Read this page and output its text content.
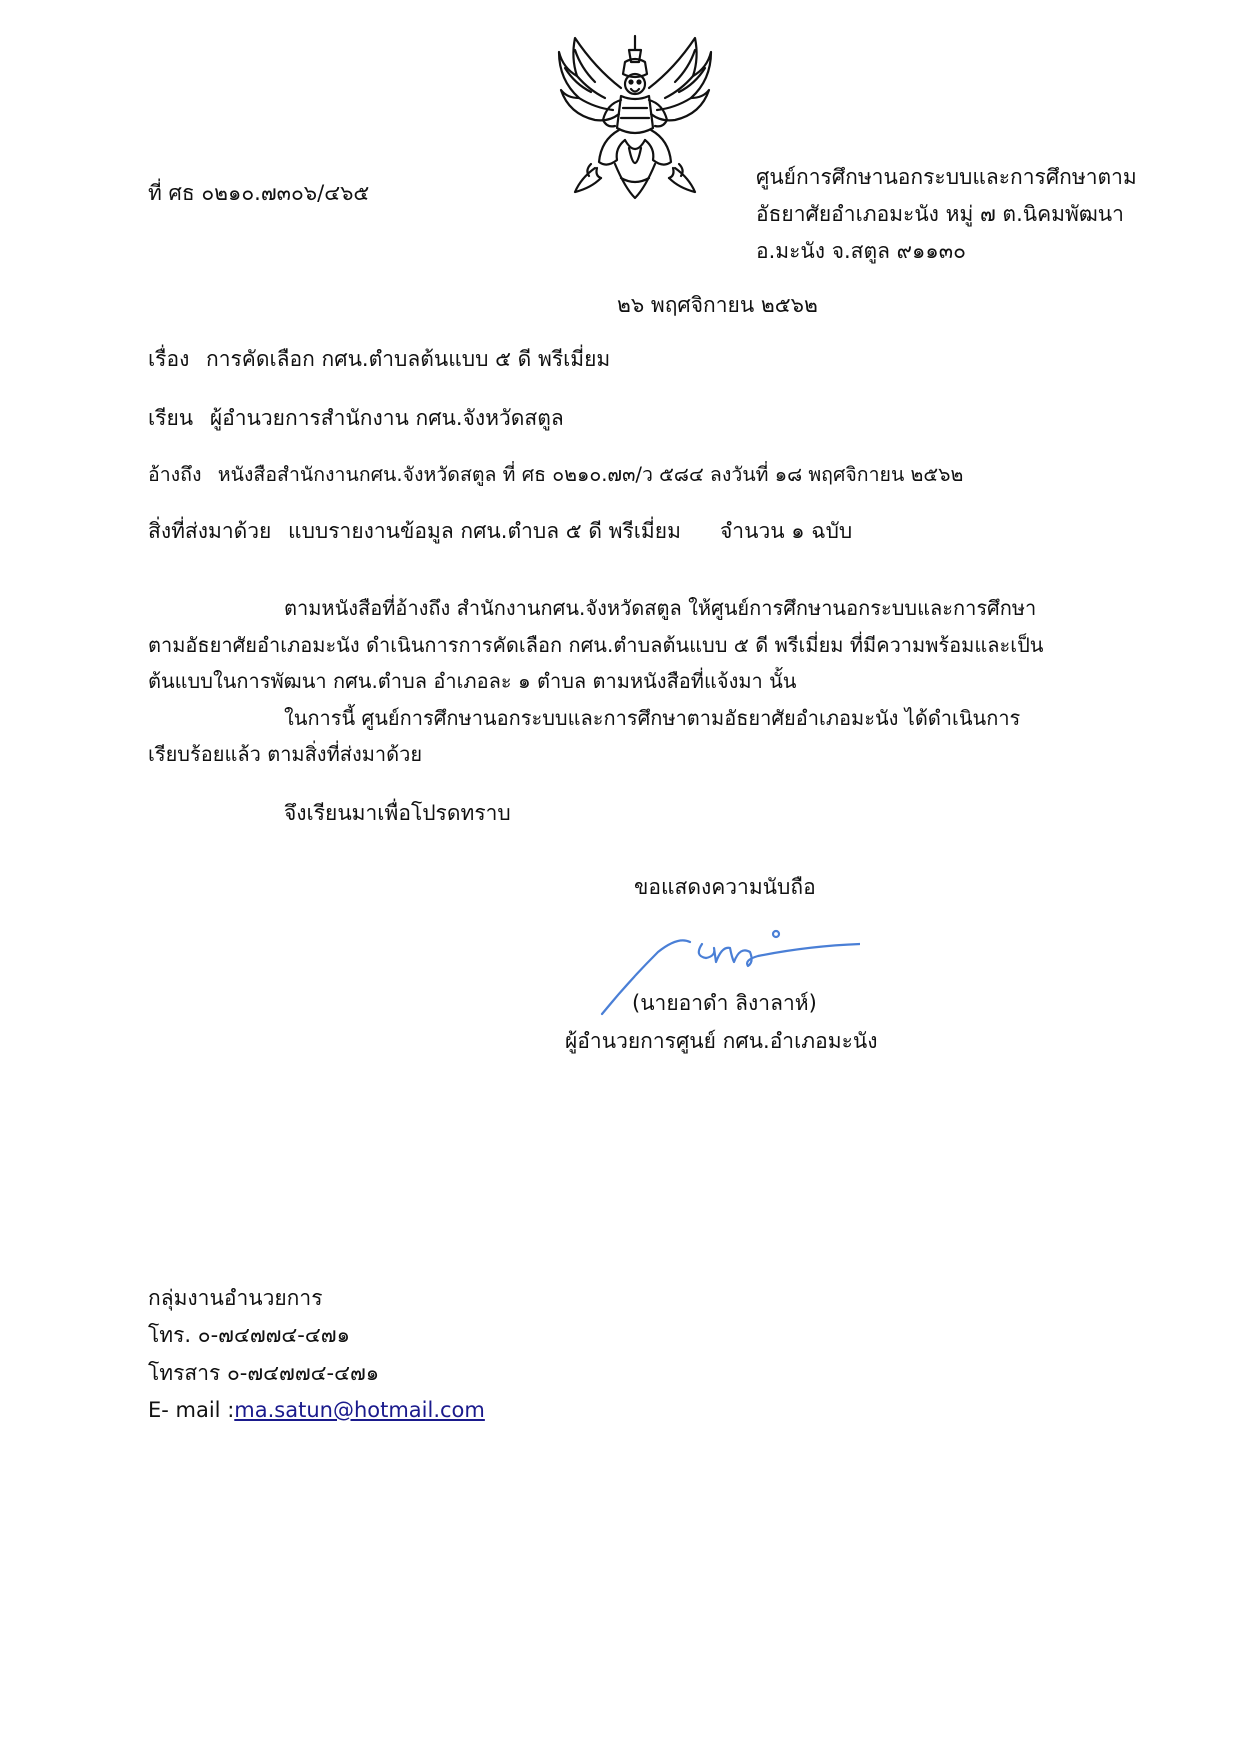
ที่ ศธ ๐๒๑๐.๗๓๐๖/๔๖๕
ศูนย์การศึกษานอกระบบและการศึกษาตาม
อัธยาศัยอำเภอมะนัง หมู่ ๗ ต.นิคมพัฒนา
อ.มะนัง จ.สตูล ๙๑๑๓๐
๒๖ พฤศจิกายน ๒๕๖๒
เรื่อง การคัดเลือก กศน.ตำบลต้นแบบ ๕ ดี พรีเมี่ยม
เรียน ผู้อำนวยการสำนักงาน กศน.จังหวัดสตูล
อ้างถึง หนังสือสำนักงานกศน.จังหวัดสตูล ที่ ศธ ๐๒๑๐.๗๓/ว ๕๘๔ ลงวันที่ ๑๘ พฤศจิกายน ๒๕๖๒
สิ่งที่ส่งมาด้วย แบบรายงานข้อมูล กศน.ตำบล ๕ ดี พรีเมี่ยม จำนวน ๑ ฉบับ
ตามหนังสือที่อ้างถึง สำนักงานกศน.จังหวัดสตูล ให้ศูนย์การศึกษานอกระบบและการศึกษา
ตามอัธยาศัยอำเภอมะนัง ดำเนินการการคัดเลือก กศน.ตำบลต้นแบบ ๕ ดี พรีเมี่ยม ที่มีความพร้อมและเป็น
ต้นแบบในการพัฒนา กศน.ตำบล อำเภอละ ๑ ตำบล ตามหนังสือที่แจ้งมา นั้น
ในการนี้ ศูนย์การศึกษานอกระบบและการศึกษาตามอัธยาศัยอำเภอมะนัง ได้ดำเนินการ
เรียบร้อยแล้ว ตามสิ่งที่ส่งมาด้วย
จึงเรียนมาเพื่อโปรดทราบ
ขอแสดงความนับถือ
(นายอาดำ ลิงาลาห์)
ผู้อำนวยการศูนย์ กศน.อำเภอมะนัง
กลุ่มงานอำนวยการ
โทร. ๐-๗๔๗๗๔-๔๗๑
โทรสาร ๐-๗๔๗๗๔-๔๗๑
E- mail :ma.satun@hotmail.com
